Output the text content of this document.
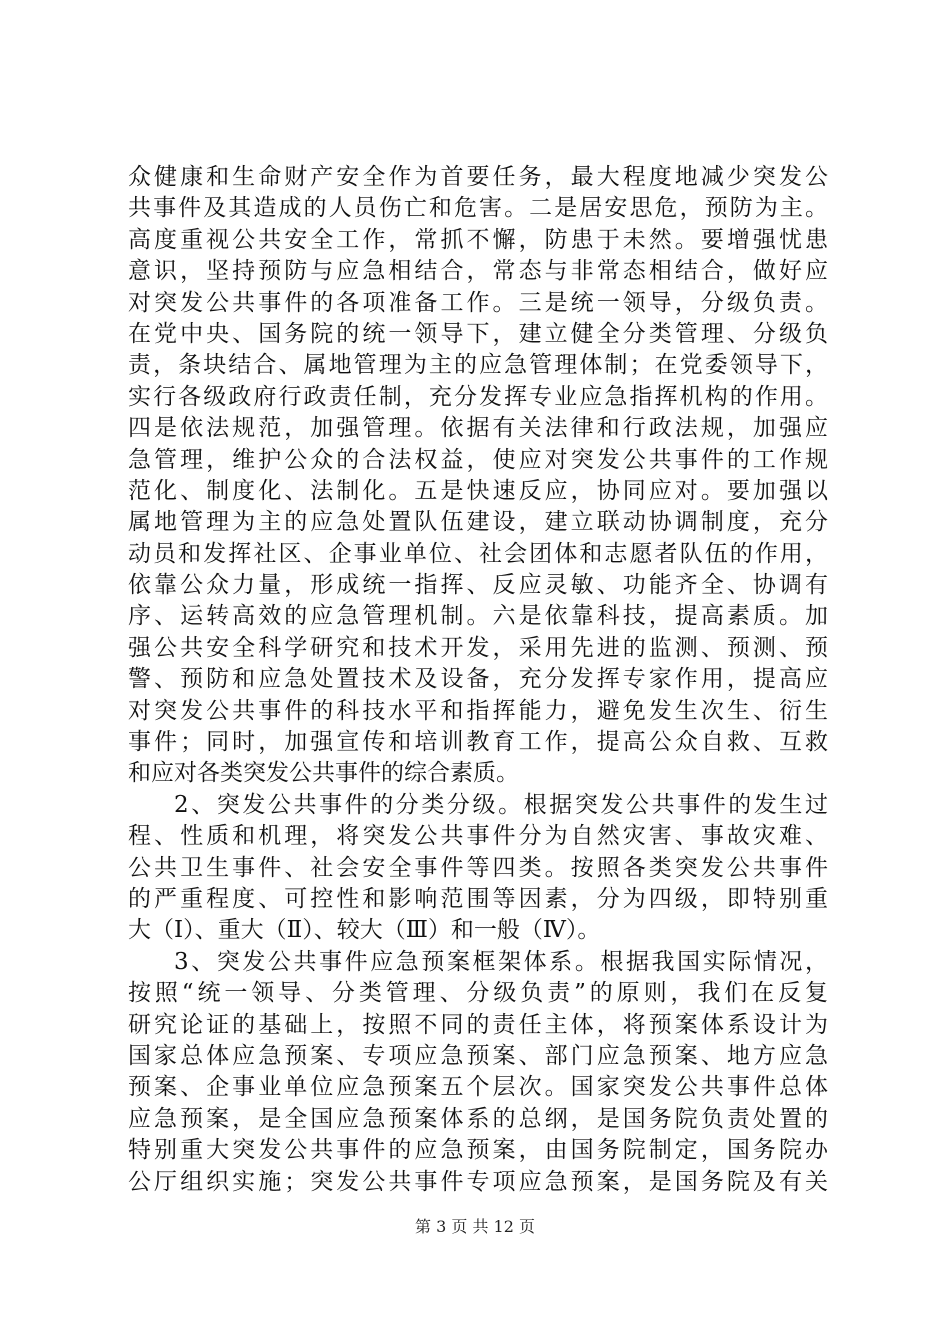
众健康和生命财产安全作为首要任务，最大程度地减少突发公
共事件及其造成的人员伤亡和危害。二是居安思危，预防为主。
高度重视公共安全工作，常抓不懈，防患于未然。要增强忧患
意识，坚持预防与应急相结合，常态与非常态相结合，做好应
对突发公共事件的各项准备工作。三是统一领导，分级负责。
在党中央、国务院的统一领导下，建立健全分类管理、分级负
责，条块结合、属地管理为主的应急管理体制；在党委领导下，
实行各级政府行政责任制，充分发挥专业应急指挥机构的作用。
四是依法规范，加强管理。依据有关法律和行政法规，加强应
急管理，维护公众的合法权益，使应对突发公共事件的工作规
范化、制度化、法制化。五是快速反应，协同应对。要加强以
属地管理为主的应急处置队伍建设，建立联动协调制度，充分
动员和发挥社区、企事业单位、社会团体和志愿者队伍的作用，
依靠公众力量，形成统一指挥、反应灵敏、功能齐全、协调有
序、运转高效的应急管理机制。六是依靠科技，提高素质。加
强公共安全科学研究和技术开发，采用先进的监测、预测、预
警、预防和应急处置技术及设备，充分发挥专家作用，提高应
对突发公共事件的科技水平和指挥能力，避免发生次生、衍生
事件；同时，加强宣传和培训教育工作，提高公众自救、互救
和应对各类突发公共事件的综合素质。
2、突发公共事件的分类分级。根据突发公共事件的发生过
程、性质和机理，将突发公共事件分为自然灾害、事故灾难、
公共卫生事件、社会安全事件等四类。按照各类突发公共事件
的严重程度、可控性和影响范围等因素，分为四级，即特别重
大（Ⅰ）、重大（Ⅱ）、较大（Ⅲ）和一般（Ⅳ）。
3、突发公共事件应急预案框架体系。根据我国实际情况，
按照“统一领导、分类管理、分级负责”的原则，我们在反复
研究论证的基础上，按照不同的责任主体，将预案体系设计为
国家总体应急预案、专项应急预案、部门应急预案、地方应急
预案、企事业单位应急预案五个层次。国家突发公共事件总体
应急预案，是全国应急预案体系的总纲，是国务院负责处置的
特别重大突发公共事件的应急预案，由国务院制定，国务院办
公厅组织实施；突发公共事件专项应急预案，是国务院及有关
第 3 页 共 12 页
